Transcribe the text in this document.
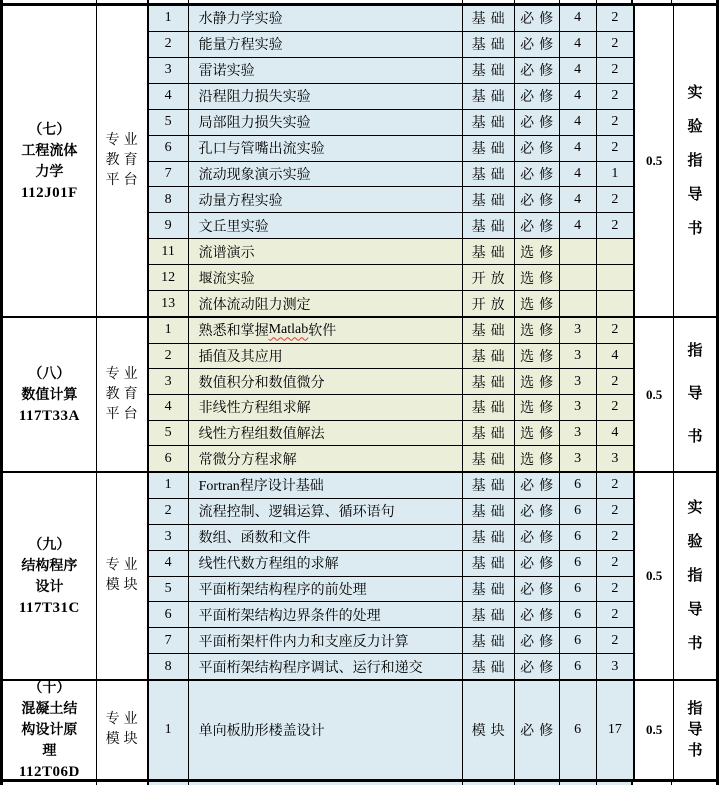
（七）
工程流体
力学
112J01F
专业
教育
平台
1	水静力学实验	基础 必修	4	2
2	能量方程实验	基础 必修	4	2
3	雷诺实验	基础 必修	4	2
4	沿程阻力损失实验	基础 必修	4	2
5	局部阻力损失实验	基础 必修	4	2
6	孔口与管嘴出流实验	基础 必修	4	2
7	流动现象演示实验	基础 必修	4	1
8	动量方程实验	基础 必修	4	2
9	文丘里实验	基础 必修	4	2
11	流谱演示	基础 选修
12	堰流实验	开放 选修
13	流体流动阻力测定	开放 选修
0.5
实
验
指
导
书
（八）
数值计算
117T33A
专业
教育
平台
1	熟悉和掌握 Matlab 软件	基础 选修	3	2
2	插值及其应用	基础 选修	3	4
3	数值积分和数值微分	基础 选修	3	2
4	非线性方程组求解	基础 选修	3	2
5	线性方程组数值解法	基础 选修	3	4
6	常微分方程求解	基础 选修	3	3
0.5
指
导
书
（九）
结构程序
设计
117T31C
专业
模块
1	Fortran程序设计基础	基础 必修	6	2
2	流程控制、逻辑运算、循环语句	基础 必修	6	2
3	数组、函数和文件	基础 必修	6	2
4	线性代数方程组的求解	基础 必修	6	2
5	平面桁架结构程序的前处理	基础 必修	6	2
6	平面桁架结构边界条件的处理	基础 必修	6	2
7	平面桁架杆件内力和支座反力计算	基础 必修	6	2
8	平面桁架结构程序调试、运行和递交	基础 必修	6	3
0.5
实
验
指
导
书
（十）
混凝土结
构设计原
理
112T06D
专业
模块
1	单向板肋形楼盖设计	模块 必修	6	17	0.5
指
导
书
